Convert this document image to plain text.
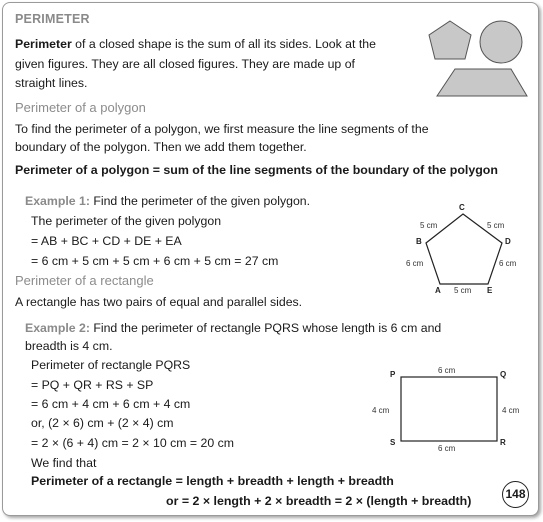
PERIMETER
Perimeter of a closed shape is the sum of all its sides. Look at the
given figures. They are all closed figures. They are made up of
straight lines.
Perimeter of a polygon
To find the perimeter of a polygon, we first measure the line segments of the
boundary of the polygon. Then we add them together.
Perimeter of a polygon = sum of the line segments of the boundary of the polygon
Example 1: Find the perimeter of the given polygon.
The perimeter of the given polygon
= AB + BC + CD + DE + EA
= 6 cm + 5 cm + 5 cm + 6 cm + 5 cm = 27 cm
C
B	D
A	E
5 cm	5 cm
6 cm	6 cm
5 cm
Perimeter of a rectangle
A rectangle has two pairs of equal and parallel sides.
Example 2: Find the perimeter of rectangle PQRS whose length is 6 cm and
breadth is 4 cm.
Perimeter of rectangle PQRS
= PQ + QR + RS + SP
= 6 cm + 4 cm + 6 cm + 4 cm
or, (2 × 6) cm + (2 × 4) cm
= 2 × (6 + 4) cm = 2 × 10 cm = 20 cm
We find that
Perimeter of a rectangle = length + breadth + length + breadth
or = 2 × length + 2 × breadth = 2 × (length + breadth)
P	Q
R
S
6 cm
6 cm
4 cm	4 cm
148
